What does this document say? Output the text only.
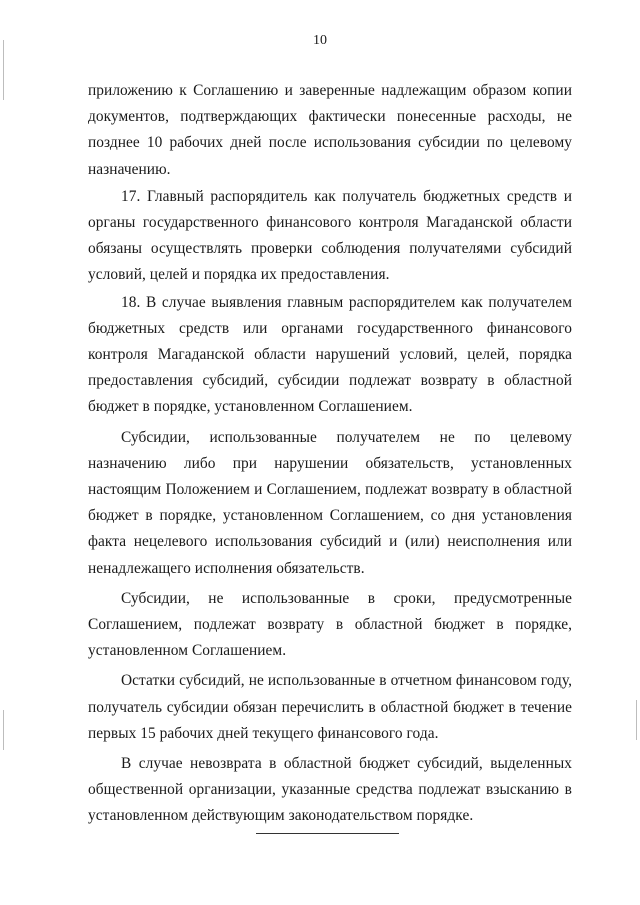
10

приложению к Соглашению и заверенные надлежащим образом копии документов, подтверждающих фактически понесенные расходы, не позднее 10 рабочих дней после использования субсидии по целевому назначению.

17. Главный распорядитель как получатель бюджетных средств и органы государственного финансового контроля Магаданской области обязаны осуществлять проверки соблюдения получателями субсидий условий, целей и порядка их предоставления.

18. В случае выявления главным распорядителем как получателем бюджетных средств или органами государственного финансового контроля Магаданской области нарушений условий, целей, порядка предоставления субсидий, субсидии подлежат возврату в областной бюджет в порядке, установленном Соглашением.

Субсидии, использованные получателем не по целевому назначению либо при нарушении обязательств, установленных настоящим Положением и Соглашением, подлежат возврату в областной бюджет в порядке, установленном Соглашением, со дня установления факта нецелевого использования субсидий и (или) неисполнения или ненадлежащего исполнения обязательств.

Субсидии, не использованные в сроки, предусмотренные Соглашением, подлежат возврату в областной бюджет в порядке, установленном Соглашением.

Остатки субсидий, не использованные в отчетном финансовом году, получатель субсидии обязан перечислить в областной бюджет в течение первых 15 рабочих дней текущего финансового года.

В случае невозврата в областной бюджет субсидий, выделенных общественной организации, указанные средства подлежат взысканию в установленном действующим законодательством порядке.
